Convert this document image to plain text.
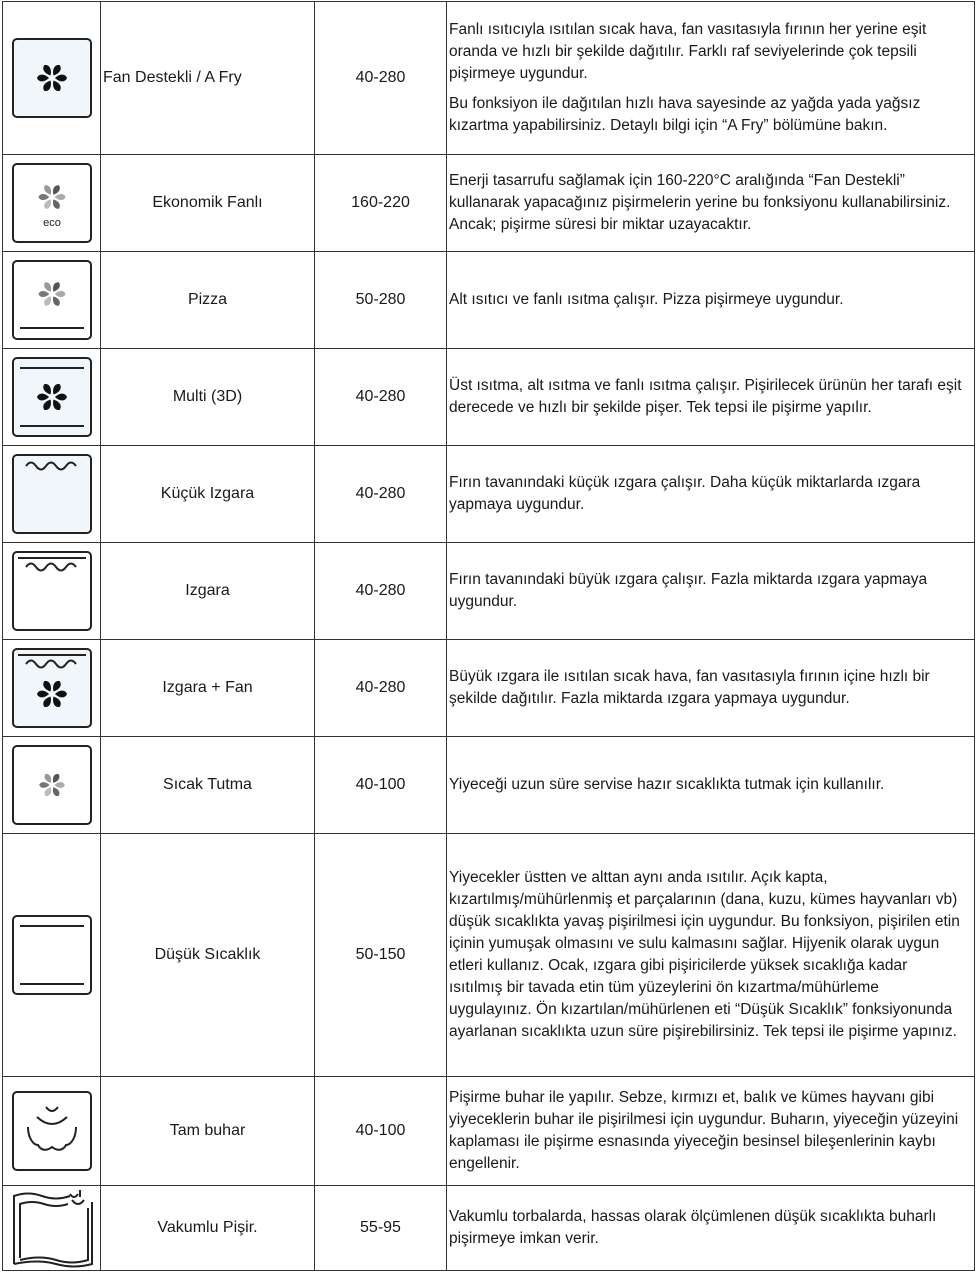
	Fan Destekli / A Fry	40-280	Fanlı ısıtıcıyla ısıtılan sıcak hava, fan vasıtasıyla fırının her yerine eşit oranda ve hızlı bir şekilde dağıtılır. Farklı raf seviyelerinde çok tepsili pişirmeye uygundur.

Bu fonksiyon ile dağıtılan hızlı hava sayesinde az yağda yada yağsız kızartma yapabilirsiniz. Detaylı bilgi için “A Fry” bölümüne bakın.

eco	Ekonomik Fanlı	160-220	Enerji tasarrufu sağlamak için 160-220°C aralığında “Fan Destekli” kullanarak yapacağınız pişirmelerin yerine bu fonksiyonu kullanabilirsiniz. Ancak; pişirme süresi bir miktar uzayacaktır.

	Pizza	50-280	Alt ısıtıcı ve fanlı ısıtma çalışır. Pizza pişirmeye uygundur.

	Multi (3D)	40-280	Üst ısıtma, alt ısıtma ve fanlı ısıtma çalışır. Pişirilecek ürünün her tarafı eşit derecede ve hızlı bir şekilde pişer. Tek tepsi ile pişirme yapılır.

	Küçük Izgara	40-280	Fırın tavanındaki küçük ızgara çalışır. Daha küçük miktarlarda ızgara yapmaya uygundur.

	Izgara	40-280	Fırın tavanındaki büyük ızgara çalışır. Fazla miktarda ızgara yapmaya uygundur.

	Izgara + Fan	40-280	Büyük ızgara ile ısıtılan sıcak hava, fan vasıtasıyla fırının içine hızlı bir şekilde dağıtılır. Fazla miktarda ızgara yapmaya uygundur.

	Sıcak Tutma	40-100	Yiyeceği uzun süre servise hazır sıcaklıkta tutmak için kullanılır.

	Düşük Sıcaklık	50-150	Yiyecekler üstten ve alttan aynı anda ısıtılır. Açık kapta, kızartılmış/mühürlenmiş et parçalarının (dana, kuzu, kümes hayvanları vb) düşük sıcaklıkta yavaş pişirilmesi için uygundur. Bu fonksiyon, pişirilen etin içinin yumuşak olmasını ve sulu kalmasını sağlar. Hijyenik olarak uygun etleri kullanız. Ocak, ızgara gibi pişiricilerde yüksek sıcaklığa kadar ısıtılmış bir tavada etin tüm yüzeylerini ön kızartma/mühürleme uygulayınız. Ön kızartılan/mühürlenen eti “Düşük Sıcaklık” fonksiyonunda ayarlanan sıcaklıkta uzun süre pişirebilirsiniz. Tek tepsi ile pişirme yapınız.

	Tam buhar	40-100	Pişirme buhar ile yapılır. Sebze, kırmızı et, balık ve kümes hayvanı gibi yiyeceklerin buhar ile pişirilmesi için uygundur. Buharın, yiyeceğin yüzeyini kaplaması ile pişirme esnasında yiyeceğin besinsel bileşenlerinin kaybı engellenir.

	Vakumlu Pişir.	55-95	Vakumlu torbalarda, hassas olarak ölçümlenen düşük sıcaklıkta buharlı pişirmeye imkan verir.
